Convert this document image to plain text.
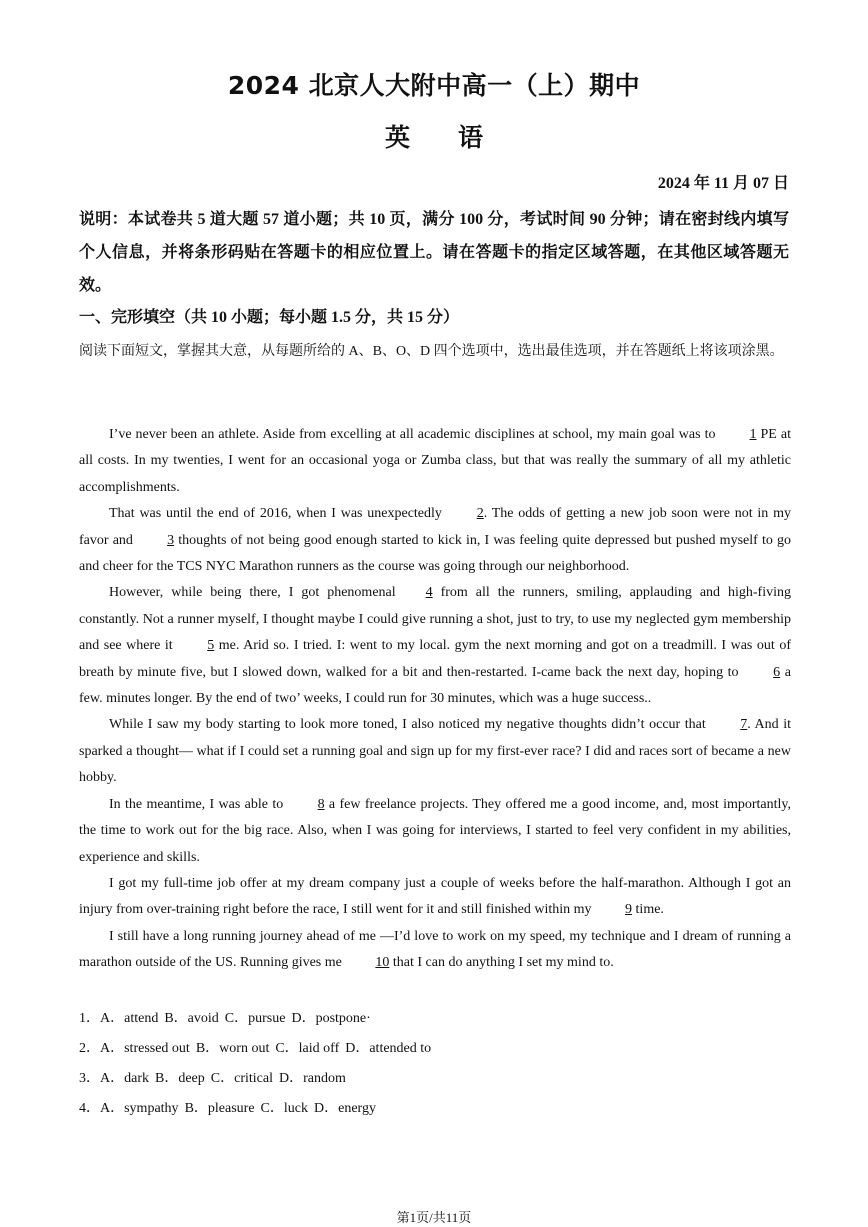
2024 北京人大附中高一（上）期中
英 语
2024 年 11 月 07 日
说明：本试卷共 5 道大题 57 道小题；共 10 页，满分 100 分，考试时间 90 分钟；请在密封线内填写个人信息，并将条形码贴在答题卡的相应位置上。请在答题卡的指定区域答题，在其他区域答题无效。
一、完形填空（共 10 小题；每小题 1.5 分，共 15 分）
阅读下面短文，掌握其大意，从每题所给的 A、B、O、D 四个选项中，选出最佳选项，并在答题纸上将该项涂黑。

I’ve never been an athlete. Aside from excelling at all academic disciplines at school, my main goal was to 1 PE at all costs. In my twenties, I went for an occasional yoga or Zumba class, but that was really the summary of all my athletic accomplishments.

That was until the end of 2016, when I was unexpectedly 2. The odds of getting a new job soon were not in my favor and 3 thoughts of not being good enough started to kick in, I was feeling quite depressed but pushed myself to go and cheer for the TCS NYC Marathon runners as the course was going through our neighborhood.

However, while being there, I got phenomenal 4 from all the runners, smiling, applauding and high-fiving constantly. Not a runner myself, I thought maybe I could give running a shot, just to try, to use my neglected gym membership and see where it 5 me. Arid so. I tried. I: went to my local. gym the next morning and got on a treadmill. I was out of breath by minute five, but I slowed down, walked for a bit and then-restarted. I-came back the next day, hoping to 6 a few. minutes longer. By the end of two’ weeks, I could run for 30 minutes, which was a huge success..

While I saw my body starting to look more toned, I also noticed my negative thoughts didn’t occur that 7. And it sparked a thought— what if I could set a running goal and sign up for my first-ever race? I did and races sort of became a new hobby.

In the meantime, I was able to 8 a few freelance projects. They offered me a good income, and, most importantly, the time to work out for the big race. Also, when I was going for interviews, I started to feel very confident in my abilities, experience and skills.

I got my full-time job offer at my dream company just a couple of weeks before the half-marathon. Although I got an injury from over-training right before the race, I still went for it and still finished within my 9 time.

I still have a long running journey ahead of me —I’d love to work on my speed, my technique and I dream of running a marathon outside of the US. Running gives me 10 that I can do anything I set my mind to.

1．A．attend B．avoid C．pursue D．postpone·
2．A．stressed out B．worn out C．laid off D．attended to
3．A．dark B．deep C．critical D．random
4．A．sympathy B．pleasure C．luck D．energy
第1页/共11页
